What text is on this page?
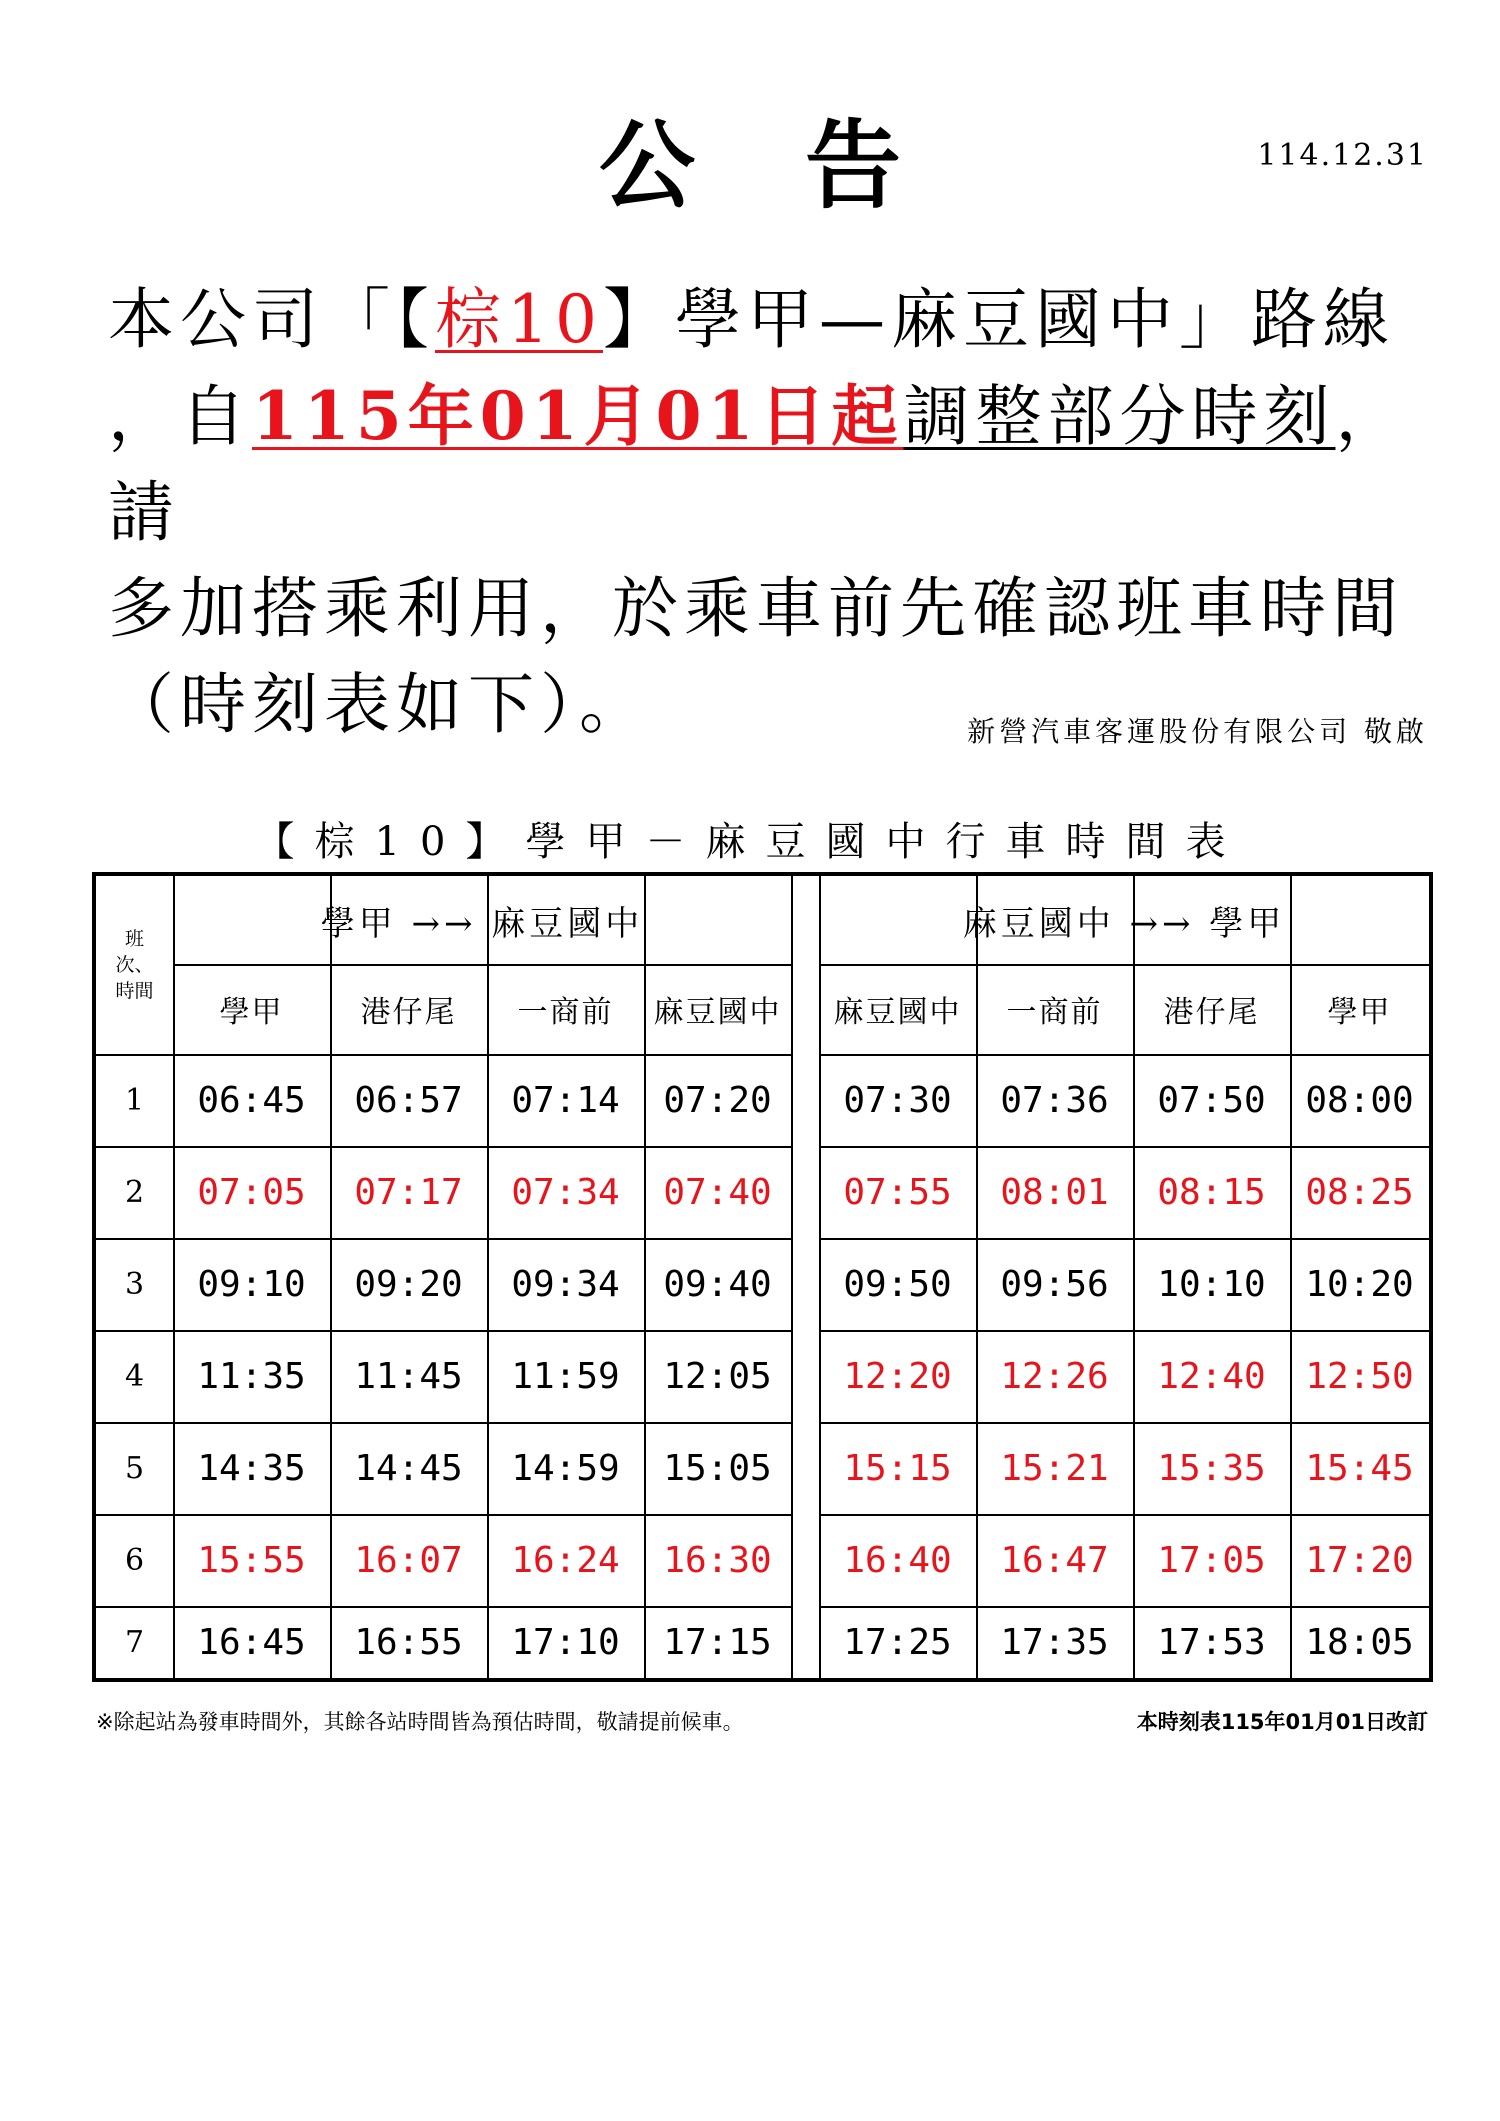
公告	114.12.31
本公司「【棕10】學甲—麻豆國中」路線
，自115年01月01日起調整部分時刻，請
多加搭乘利用，於乘車前先確認班車時間
（時刻表如下）。	新營汽車客運股份有限公司 敬啟
【棕10】學甲－麻豆國中行車時間表
班次、時間
學甲 →→ 麻豆國中	麻豆國中 →→ 學甲
學甲	港仔尾	一商前	麻豆國中	麻豆國中	一商前	港仔尾	學甲
1	06:45	06:57	07:14	07:20	07:30	07:36	07:50	08:00
2	07:05	07:17	07:34	07:40	07:55	08:01	08:15	08:25
3	09:10	09:20	09:34	09:40	09:50	09:56	10:10	10:20
4	11:35	11:45	11:59	12:05	12:20	12:26	12:40	12:50
5	14:35	14:45	14:59	15:05	15:15	15:21	15:35	15:45
6	15:55	16:07	16:24	16:30	16:40	16:47	17:05	17:20
7	16:45	16:55	17:10	17:15	17:25	17:35	17:53	18:05
※除起站為發車時間外，其餘各站時間皆為預估時間，敬請提前候車。	本時刻表115年01月01日改訂
